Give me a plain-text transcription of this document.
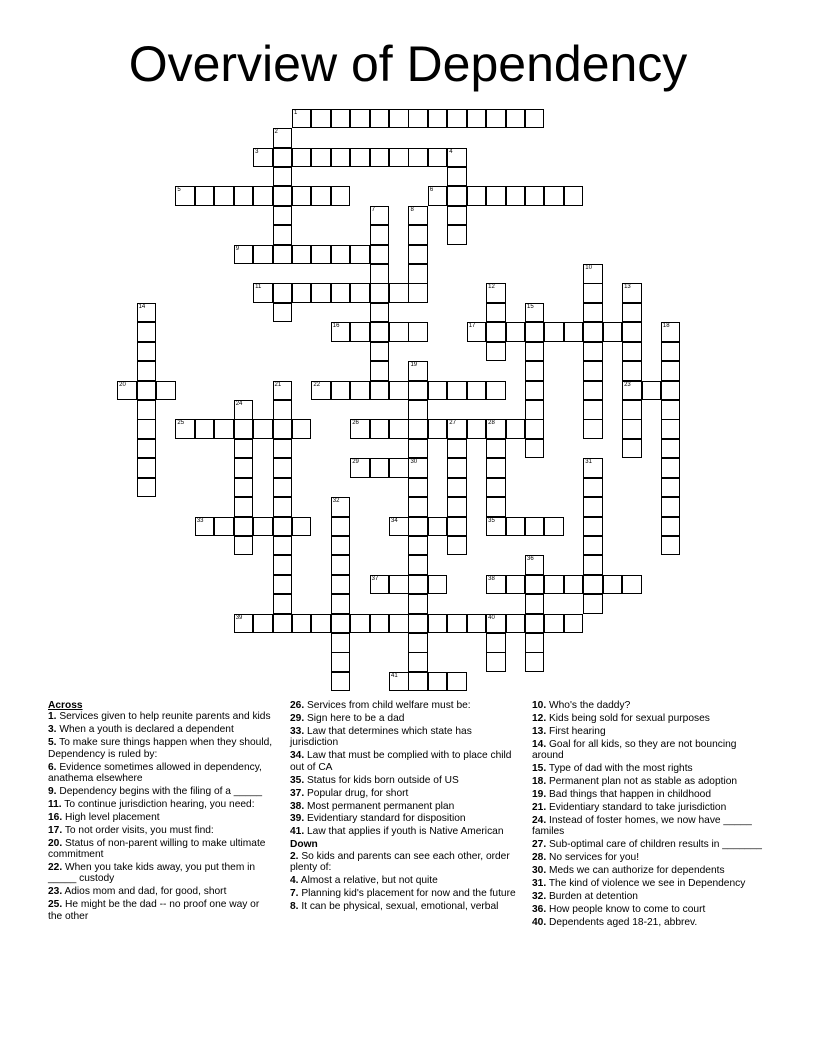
Overview of Dependency
1
2
3	4
5	6
7	8
9
10
11	12	13
14	15
16	17	18
19
20	21	22	23
24
25	26	27	28
29	30	31
32
33	34	35
36
37	38
39	40
41
Across
1. Services given to help reunite parents and kids
3. When a youth is declared a dependent
5. To make sure things happen when they should, Dependency is ruled by:
6. Evidence sometimes allowed in dependency, anathema elsewhere
9. Dependency begins with the filing of a _____
11. To continue jurisdiction hearing, you need:
16. High level placement
17. To not order visits, you must find:
20. Status of non-parent willing to make ultimate commitment
22. When you take kids away, you put them in _____ custody
23. Adios mom and dad, for good, short
25. He might be the dad -- no proof one way or the other
26. Services from child welfare must be:
29. Sign here to be a dad
33. Law that determines which state has jurisdiction
34. Law that must be complied with to place child out of CA
35. Status for kids born outside of US
37. Popular drug, for short
38. Most permanent permanent plan
39. Evidentiary standard for disposition
41. Law that applies if youth is Native American
Down
2. So kids and parents can see each other, order plenty of:
4. Almost a relative, but not quite
7. Planning kid's placement for now and the future
8. It can be physical, sexual, emotional, verbal
10. Who's the daddy?
12. Kids being sold for sexual purposes
13. First hearing
14. Goal for all kids, so they are not bouncing around
15. Type of dad with the most rights
18. Permanent plan not as stable as adoption
19. Bad things that happen in childhood
21. Evidentiary standard to take jurisdiction
24. Instead of foster homes, we now have _____ familes
27. Sub-optimal care of children results in _______
28. No services for you!
30. Meds we can authorize for dependents
31. The kind of violence we see in Dependency
32. Burden at detention
36. How people know to come to court
40. Dependents aged 18-21, abbrev.
